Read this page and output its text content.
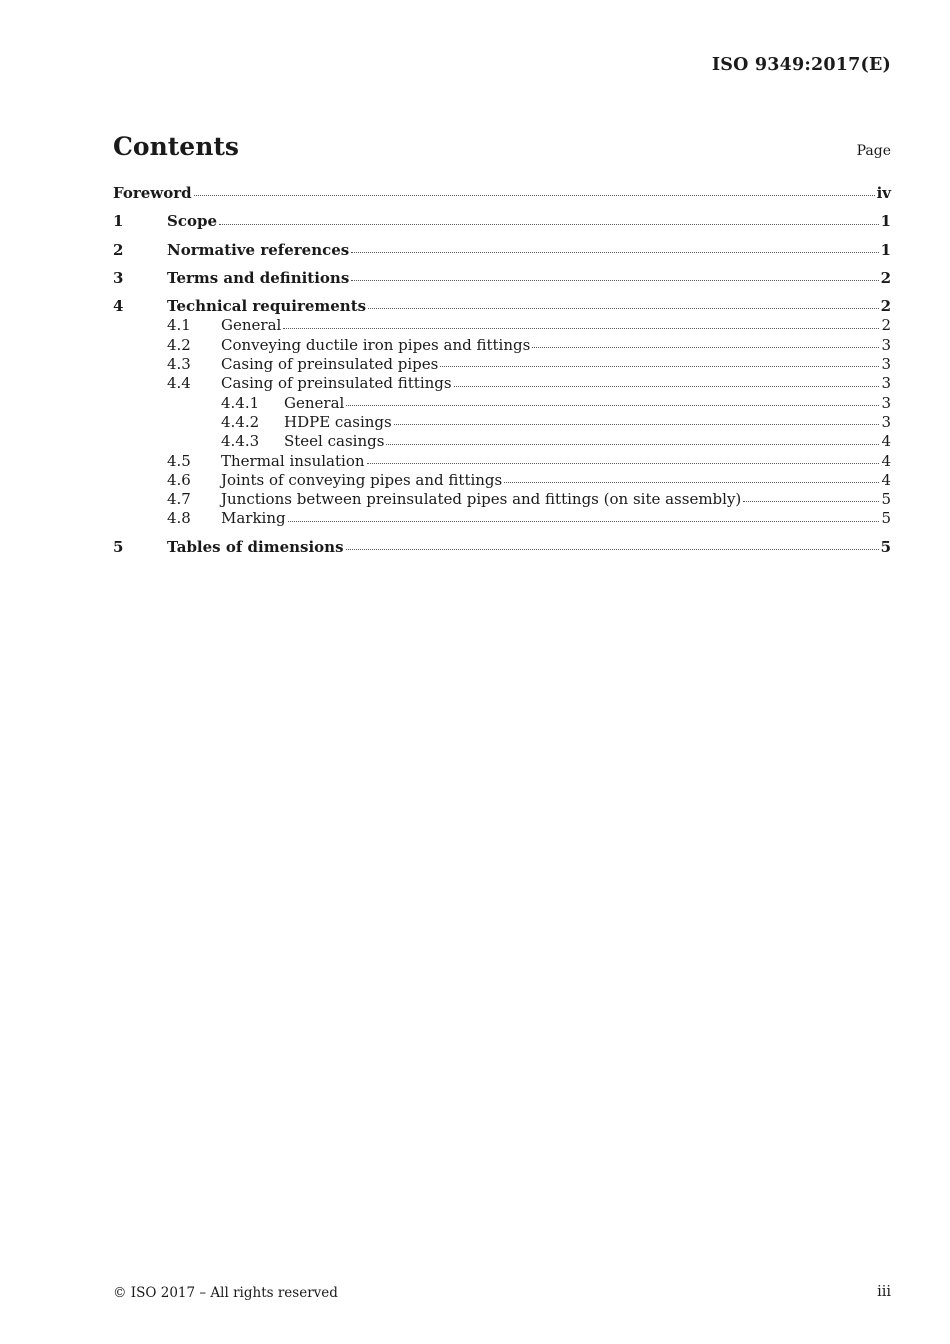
ISO 9349:2017(E)
Contents	Page
Foreword	iv
1	Scope	1
2	Normative references	1
3	Terms and definitions	2
4	Technical requirements	2
4.1	General	2
4.2	Conveying ductile iron pipes and fittings	3
4.3	Casing of preinsulated pipes	3
4.4	Casing of preinsulated fittings	3
4.4.1	General	3
4.4.2	HDPE casings	3
4.4.3	Steel casings	4
4.5	Thermal insulation	4
4.6	Joints of conveying pipes and fittings	4
4.7	Junctions between preinsulated pipes and fittings (on site assembly)	5
4.8	Marking	5
5	Tables of dimensions	5
© ISO 2017 – All rights reserved	iii
